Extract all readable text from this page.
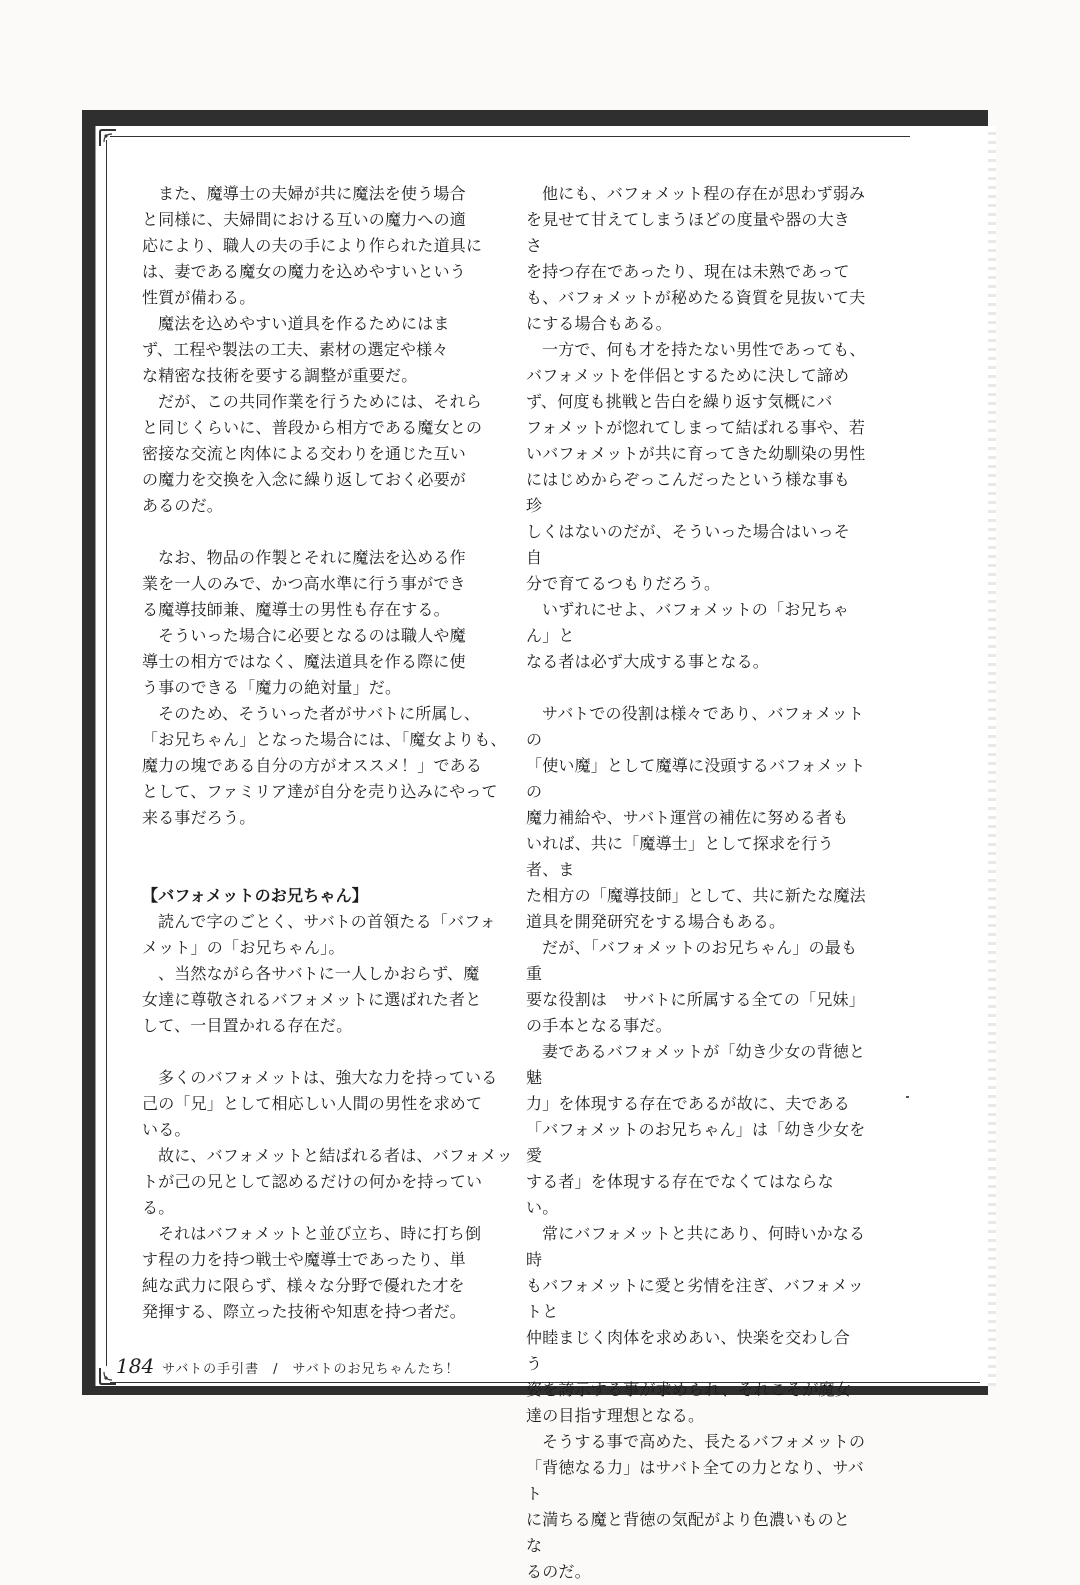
また、魔導士の夫婦が共に魔法を使う場合
と同様に、夫婦間における互いの魔力への適
応により、職人の夫の手により作られた道具に
は、妻である魔女の魔力を込めやすいという
性質が備わる。

魔法を込めやすい道具を作るためにはま
ず、工程や製法の工夫、素材の選定や様々
な精密な技術を要する調整が重要だ。

だが、この共同作業を行うためには、それら
と同じくらいに、普段から相方である魔女との
密接な交流と肉体による交わりを通じた互い
の魔力を交換を入念に繰り返しておく必要が
あるのだ。

なお、物品の作製とそれに魔法を込める作
業を一人のみで、かつ高水準に行う事ができ
る魔導技師兼、魔導士の男性も存在する。

そういった場合に必要となるのは職人や魔
導士の相方ではなく、魔法道具を作る際に使
う事のできる「魔力の絶対量」だ。

そのため、そういった者がサバトに所属し、
「お兄ちゃん」となった場合には、「魔女よりも、
魔力の塊である自分の方がオススメ！」である
として、ファミリア達が自分を売り込みにやって
来る事だろう。

【バフォメットのお兄ちゃん】

読んで字のごとく、サバトの首領たる「バフォ
メット」の「お兄ちゃん」。

、当然ながら各サバトに一人しかおらず、魔
女達に尊敬されるバフォメットに選ばれた者と
して、一目置かれる存在だ。

多くのバフォメットは、強大な力を持っている
己の「兄」として相応しい人間の男性を求めて
いる。

故に、バフォメットと結ばれる者は、バフォメッ
トが己の兄として認めるだけの何かを持ってい
る。

それはバフォメットと並び立ち、時に打ち倒
す程の力を持つ戦士や魔導士であったり、単
純な武力に限らず、様々な分野で優れた才を
発揮する、際立った技術や知恵を持つ者だ。

他にも、バフォメット程の存在が思わず弱み
を見せて甘えてしまうほどの度量や器の大きさ
を持つ存在であったり、現在は未熟であって
も、バフォメットが秘めたる資質を見抜いて夫
にする場合もある。

一方で、何も才を持たない男性であっても、
バフォメットを伴侶とするために決して諦め
ず、何度も挑戦と告白を繰り返す気概にバ
フォメットが惚れてしまって結ばれる事や、若
いバフォメットが共に育ってきた幼馴染の男性
にはじめからぞっこんだったという様な事も珍
しくはないのだが、そういった場合はいっそ自
分で育てるつもりだろう。

いずれにせよ、バフォメットの「お兄ちゃん」と
なる者は必ず大成する事となる。

サバトでの役割は様々であり、バフォメットの
「使い魔」として魔導に没頭するバフォメットの
魔力補給や、サバト運営の補佐に努める者も
いれば、共に「魔導士」として探求を行う者、ま
た相方の「魔導技師」として、共に新たな魔法
道具を開発研究をする場合もある。

だが、「バフォメットのお兄ちゃん」の最も重
要な役割は　サバトに所属する全ての「兄妹」
の手本となる事だ。

妻であるバフォメットが「幼き少女の背徳と魅
力」を体現する存在であるが故に、夫である
「バフォメットのお兄ちゃん」は「幼き少女を愛
する者」を体現する存在でなくてはならない。

常にバフォメットと共にあり、何時いかなる時
もバフォメットに愛と劣情を注ぎ、バフォメットと
仲睦まじく肉体を求めあい、快楽を交わし合う
姿を誇示する事が求められ、それこそが魔女
達の目指す理想となる。

そうする事で高めた、長たるバフォメットの
「背徳なる力」はサバト全ての力となり、サバト
に満ちる魔と背徳の気配がより色濃いものとな
るのだ。

184 サバトの手引書　/　サバトのお兄ちゃんたち！
